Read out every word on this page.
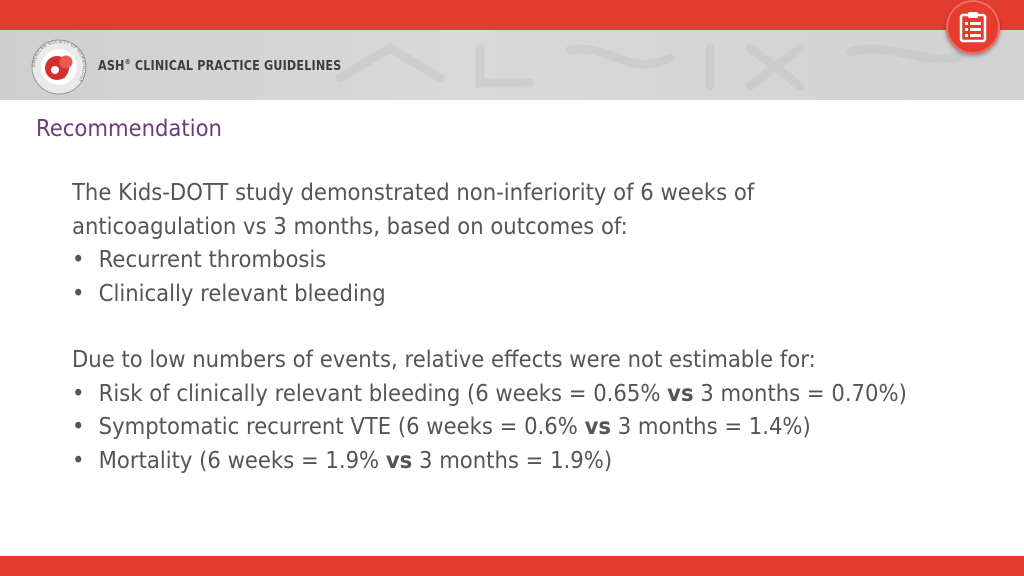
AMERICAN SOCIETY OF HEMATOLOGY
ASH® CLINICAL PRACTICE GUIDELINES
Recommendation

The Kids-DOTT study demonstrated non-inferiority of 6 weeks of

anticoagulation vs 3 months, based on outcomes of:

• Recurrent thrombosis
• Clinically relevant bleeding

Due to low numbers of events, relative effects were not estimable for:

• Risk of clinically relevant bleeding (6 weeks = 0.65% vs 3 months = 0.70%)
• Symptomatic recurrent VTE (6 weeks = 0.6% vs 3 months = 1.4%)
• Mortality (6 weeks = 1.9% vs 3 months = 1.9%)
